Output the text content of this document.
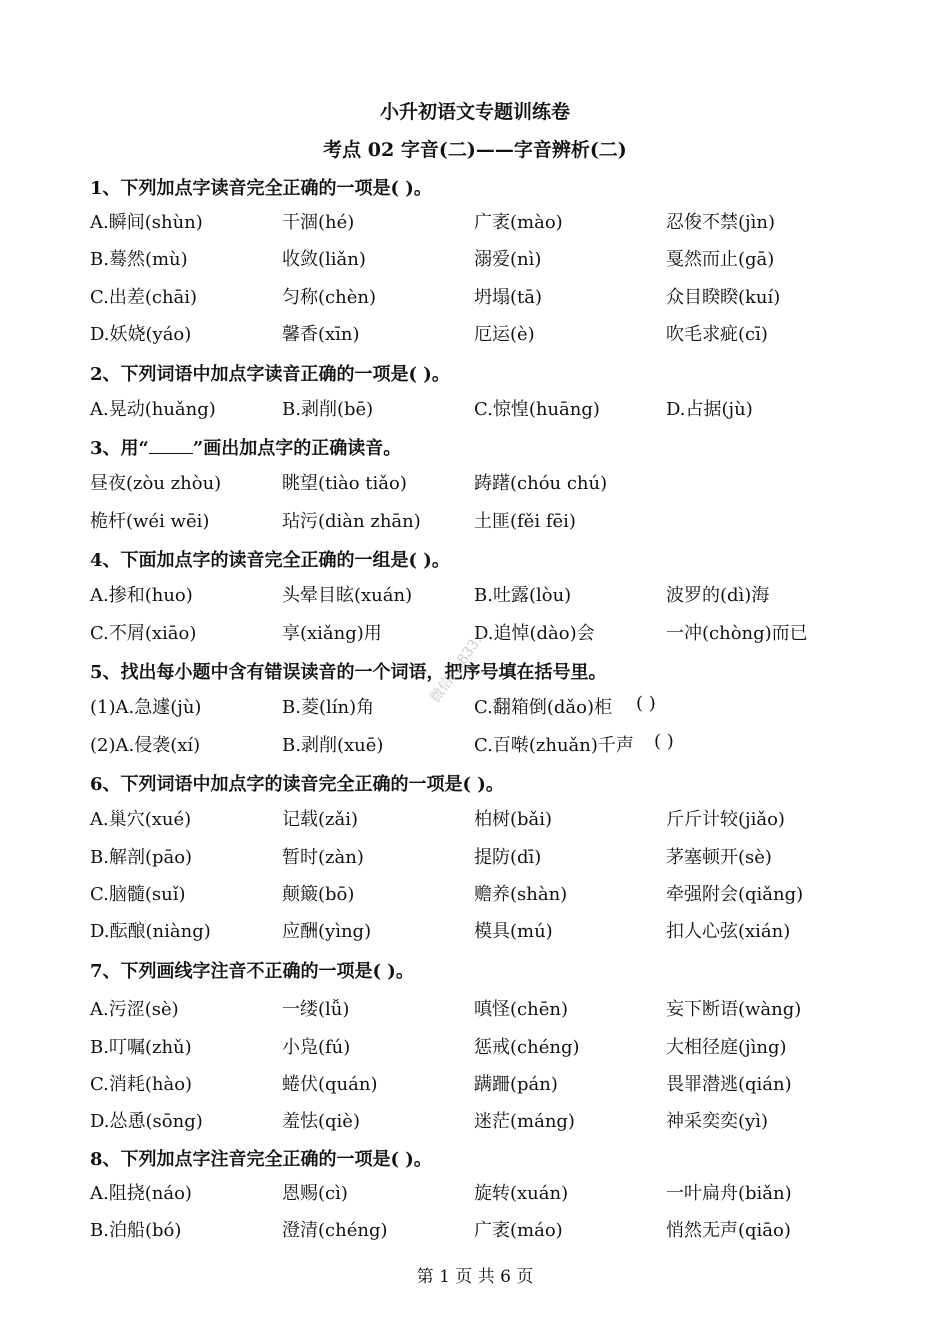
小升初语文专题训练卷
考点 02 字音(二)——字音辨析(二)
1、下列加点字读音完全正确的一项是( )。
A.瞬间(shùn)	干涸(hé)	广袤(mào)	忍俊不禁(jìn)
B.蓦然(mù)	收敛(liǎn)	溺爱(nì)	戛然而止(gā)
C.出差(chāi)	匀称(chèn)	坍塌(tā)	众目睽睽(kuí)
D.妖娆(yáo)	馨香(xīn)	厄运(è)	吹毛求疵(cī)
2、下列词语中加点字读音正确的一项是( )。
A.晃动(huǎng)	B.剥削(bē)	C.惊惶(huāng)	D.占据(jù)
3、用“ ”画出加点字的正确读音。
昼夜(zòu zhòu)	眺望(tiào tiǎo)	踌躇(chóu chú)
桅杆(wéi wēi)	玷污(diàn zhān)	土匪(fěi fēi)
4、下面加点字的读音完全正确的一组是( )。
A.掺和(huo)	头晕目眩(xuán)	B.吐露(lòu)	波罗的(dì)海
C.不屑(xiāo)	享(xiǎng)用	D.追悼(dào)会	一冲(chòng)而已
5、找出每小题中含有错误读音的一个词语，把序号填在括号里。
(1)A.急遽(jù)	B.菱(lín)角	C.翻箱倒(dǎo)柜 ( )
(2)A.侵袭(xí)	B.剥削(xuē)	C.百啭(zhuǎn)千声 ( )
6、下列词语中加点字的读音完全正确的一项是( )。
A.巢穴(xué)	记载(zǎi)	柏树(bǎi)	斤斤计较(jiǎo)
B.解剖(pāo)	暂时(zàn)	提防(dī)	茅塞顿开(sè)
C.脑髓(suǐ)	颠簸(bō)	赡养(shàn)	牵强附会(qiǎng)
D.酝酿(niàng)	应酬(yìng)	模具(mú)	扣人心弦(xián)
7、下列画线字注音不正确的一项是( )。
A.污涩(sè)	一缕(lǚ)	嗔怪(chēn)	妄下断语(wàng)
B.叮嘱(zhǔ)	小凫(fú)	惩戒(chéng)	大相径庭(jìng)
C.消耗(hào)	蜷伏(quán)	蹒跚(pán)	畏罪潜逃(qián)
D.怂恿(sōng)	羞怯(qiè)	迷茫(máng)	神采奕奕(yì)
8、下列加点字注音完全正确的一项是( )。
A.阻挠(náo)	恩赐(cì)	旋转(xuán)	一叶扁舟(biǎn)
B.泊船(bó)	澄清(chéng)	广袤(máo)	悄然无声(qiāo)
微信:…833…
第 1 页 共 6 页
